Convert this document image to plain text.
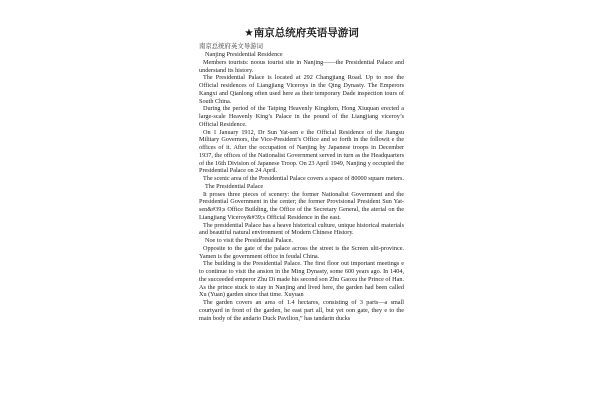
★南京总统府英语导游词
南京总统府英文导游词

Nanjing Presidential Residence

Members tourists: noous tourist site in Nanjing——the Presidential Palace and understand its history.

The Presidential Palace is located at 292 Changjiang Road. Up to noe the Official residences of Liangjiang Viceroys in the Qing Dynasty. The Emperors Kangxi and Qianlong often used here as their temporary Dade inspection tours of South China.

During the period of the Taiping Heavenly Kingdom, Hong Xiuquan erected a large-scale Heavenly King’s Palace in the pound of the Liangjiang viceroy’s Official Residence.

On 1 January 1912, Dr Sun Yat-sen e the Official Residence of the Jiangsu Military Governors, the Vice-President’s Office and so forth in the followit e the offices of it. After the occupation of Nanjing by Japanese troops in December 1937, the offices of the Nationalist Government served in turn as the Headquarters of the 16th Division of Japanese Troop. On 23 April 1949, Nanjing y occupied the Presidential Palace on 24 April.

The scenic area of the Presidential Palace covers a space of 80000 square meters.

The Presidential Palace

It proses three pieces of scenery: the former Nationalist Government and the Presidential Government in the center; the former Provisional President Sun Yat-sen&#39;s Office Building, the Office of the Secretary General, the aterial on the Liangjiang Viceroy&#39;s Official Residence in the east.

The presidential Palace has a heave historical culture, unique historical materials and beautiful natural environment of Modern Chinese History.

Noe to visit the Presidential Palace.

Opposite to the gate of the palace across the street is the Screen ulti-province. Yamen is the government office in feudal China.

The building is the Presidential Palace. The first floor out important meetings e to continue to visit the ansion in the Ming Dynasty, some 600 years ago. In 1404, the succeeded emperor Zhu Di made his second son Zhu Gaoxu the Prince of Han. As the prince stuck to stay in Nanjing and lived here, the garden had been called Xu (Yuan) garden since that time. Xuyuan

The garden covers an area of 1.4 hectares, consisting of 3 parts—a small courtyard in front of the garden, he east part all, but yet oon gate, they e to the main body of the andario Duck Pavilion,” has tandarin ducks
